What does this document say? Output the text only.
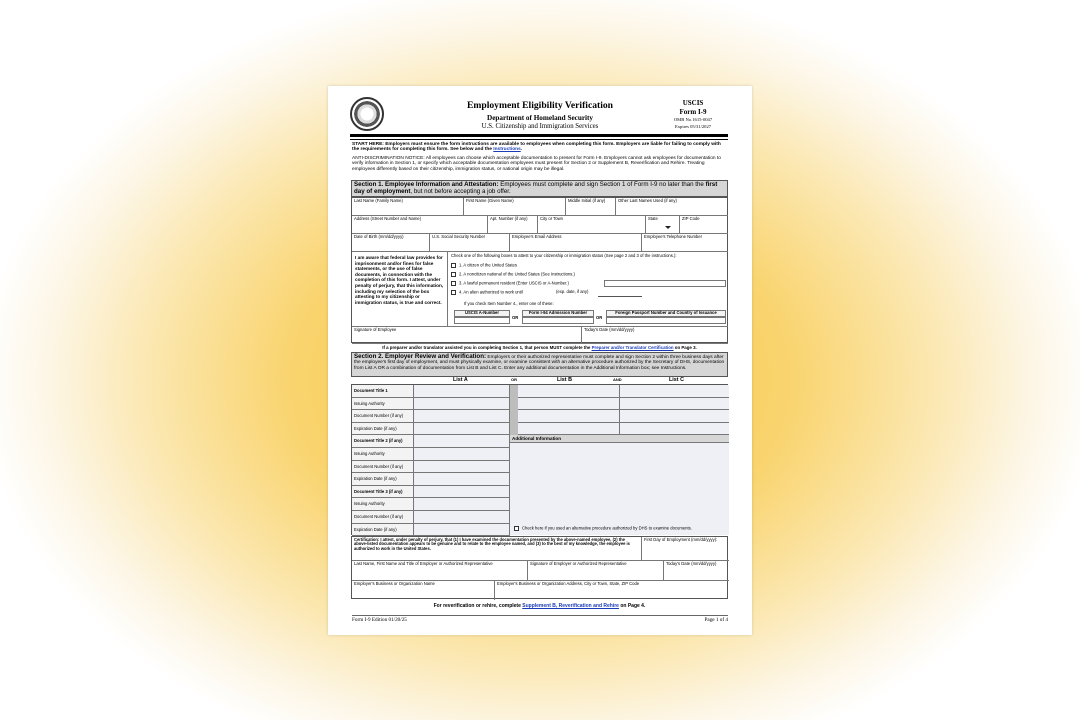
Employment Eligibility Verification
Department of Homeland Security
U.S. Citizenship and Immigration Services
USCIS
Form I-9
OMB No.1615-0047
Expires 05/31/2027
START HERE: Employers must ensure the form instructions are available to employees when completing this form. Employers are liable for failing to comply with the requirements for completing this form. See below and the Instructions.
ANTI-DISCRIMINATION NOTICE: All employees can choose which acceptable documentation to present for Form I-9. Employers cannot ask employees for documentation to verify information in Section 1, or specify which acceptable documentation employees must present for Section 2 or Supplement B, Reverification and Rehire. Treating employees differently based on their citizenship, immigration status, or national origin may be illegal.
Section 1. Employee Information and Attestation: Employees must complete and sign Section 1 of Form I-9 no later than the first day of employment, but not before accepting a job offer.
Last Name (Family Name)	First Name (Given Name)	Middle Initial (if any)	Other Last Names Used (if any)
Address (Street Number and Name)	Apt. Number (if any)	City or Town	State	ZIP Code
Date of Birth (mm/dd/yyyy)	U.S. Social Security Number	Employee's Email Address	Employee's Telephone Number
I am aware that federal law provides for imprisonment and/or fines for false statements, or the use of false documents, in connection with the completion of this form. I attest, under penalty of perjury, that this information, including my selection of the box attesting to my citizenship or immigration status, is true and correct.
Check one of the following boxes to attest to your citizenship or immigration status (See page 2 and 3 of the instructions.):
1. A citizen of the United States
2. A noncitizen national of the United States (See Instructions.)
3. A lawful permanent resident (Enter USCIS or A-Number.)
4. An alien authorized to work until	(exp. date, if any)
If you check Item Number 4., enter one of these:
USCIS A-Number
OR
Form I-94 Admission Number
OR
Foreign Passport Number and Country of Issuance
Signature of Employee	Today's Date (mm/dd/yyyy)
If a preparer and/or translator assisted you in completing Section 1, that person MUST complete the Preparer and/or Translator Certification on Page 3.
Section 2. Employer Review and Verification: Employers or their authorized representative must complete and sign Section 2 within three business days after the employee's first day of employment, and must physically examine, or examine consistent with an alternative procedure authorized by the Secretary of DHS, documentation from List A OR a combination of documentation from List B and List C. Enter any additional documentation in the Additional Information box; see Instructions.
List A	OR	List B	AND	List C
Document Title 1
Issuing Authority
Document Number (if any)
Expiration Date (if any)
Document Title 2 (if any)
Issuing Authority
Document Number (if any)
Expiration Date (if any)
Document Title 3 (if any)
Issuing Authority
Document Number (if any)
Expiration Date (if any)
Additional Information
Check here if you used an alternative procedure authorized by DHS to examine documents.
Certification: I attest, under penalty of perjury, that (1) I have examined the documentation presented by the above-named employee, (2) the above-listed documentation appears to be genuine and to relate to the employee named, and (3) to the best of my knowledge, the employee is authorized to work in the United States.
First Day of Employment (mm/dd/yyyy):
Last Name, First Name and Title of Employer or Authorized Representative	Signature of Employer or Authorized Representative	Today's Date (mm/dd/yyyy)
Employer's Business or Organization Name	Employer's Business or Organization Address, City or Town, State, ZIP Code
For reverification or rehire, complete Supplement B, Reverification and Rehire on Page 4.
Form I-9 Edition 01/20/25	Page 1 of 4
